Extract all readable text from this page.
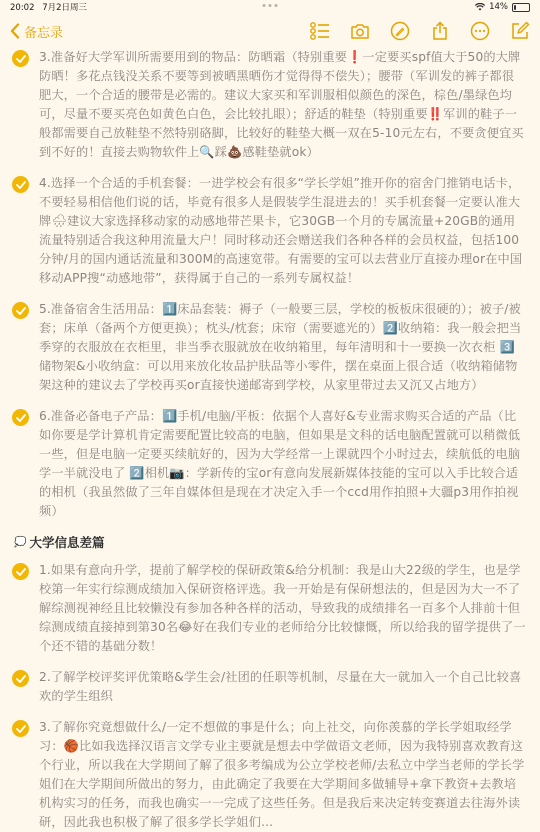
20:02 7月2日周三	14%
备忘录
3.准备好大学军训所需要用到的物品：防晒霜（特别重要❗一定要买spf值大于50的大牌防晒！多花点钱没关系不要等到被晒黑晒伤才觉得得不偿失）；腰带（军训发的裤子都很肥大，一个合适的腰带是必需的。建议大家买和军训服相似颜色的深色，棕色/墨绿色均可，尽量不要买亮色如黄色白色，会比较扎眼）；舒适的鞋垫（特别重要‼️军训的鞋子一般都需要自己放鞋垫不然特别硌脚，比较好的鞋垫大概一双在5-10元左右，不要贪便宜买到不好的！直接去购物软件上🔍踩💩感鞋垫就ok）
4.选择一个合适的手机套餐：一进学校会有很多“学长学姐”推开你的宿舍门推销电话卡，不要轻易相信他们说的话，毕竟有很多人是假装学生混进去的！买手机套餐一定要认准大牌🌧建议大家选择移动家的动感地带芒果卡，它30GB一个月的专属流量+20GB的通用流量特别适合我这种用流量大户！同时移动还会赠送我们各种各样的会员权益，包括100分钟/月的国内通话流量和300M的高速宽带。有需要的宝可以去营业厅直接办理or在中国移动APP搜“动感地带”，获得属于自己的一系列专属权益！
5.准备宿舍生活用品：1️⃣床品套装：褥子（一般要三层，学校的板板床很硬的）；被子/被套；床单（备两个方便更换）；枕头/枕套；床帘（需要遮光的）2️⃣收纳箱：我一般会把当季穿的衣服放在衣柜里，非当季衣服就放在收纳箱里，每年清明和十一要换一次衣柜 3️⃣储物架&小收纳盒：可以用来放化妆品护肤品等小零件，摆在桌面上很合适（收纳箱储物架这种的建议去了学校再买or直接快递邮寄到学校，从家里带过去又沉又占地方）
6.准备必备电子产品：1️⃣手机/电脑/平板：依据个人喜好&专业需求购买合适的产品（比如你要是学计算机肯定需要配置比较高的电脑，但如果是文科的话电脑配置就可以稍微低一些，但是电脑一定要买续航好的，因为大学经常一上课就四个小时过去，续航低的电脑学一半就没电了 2️⃣相机📷：学新传的宝or有意向发展新媒体技能的宝可以入手比较合适的相机（我虽然做了三年自媒体但是现在才决定入手一个ccd用作拍照+大疆p3用作拍视频）
💭 大学信息差篇
1.如果有意向升学，提前了解学校的保研政策&给分机制：我是山大22级的学生，也是学校第一年实行综测成绩加入保研资格评选。我一开始是有保研想法的，但是因为大一不了解综测视神经且比较懒没有参加各种各样的活动，导致我的成绩排名一百多个人排前十但综测成绩直接掉到第30名😂好在我们专业的老师给分比较慷慨，所以给我的留学提供了一个还不错的基础分数！
2.了解学校评奖评优策略&学生会/社团的任职等机制，尽量在大一就加入一个自己比较喜欢的学生组织
3.了解你究竟想做什么/一定不想做的事是什么；向上社交，向你羡慕的学长学姐取经学习：🏀比如我选择汉语言文学专业主要就是想去中学做语文老师，因为我特别喜欢教育这个行业，所以我在大学期间了解了很多考编成为公立学校老师/去私立中学当老师的学长学姐们在大学期间所做出的努力，由此确定了我要在大学期间多做辅导+拿下教资+去教培机构实习的任务，而我也确实一一完成了这些任务。但是我后来决定转变赛道去往海外读研，因此我也积极了解了很多学长学姐们...
